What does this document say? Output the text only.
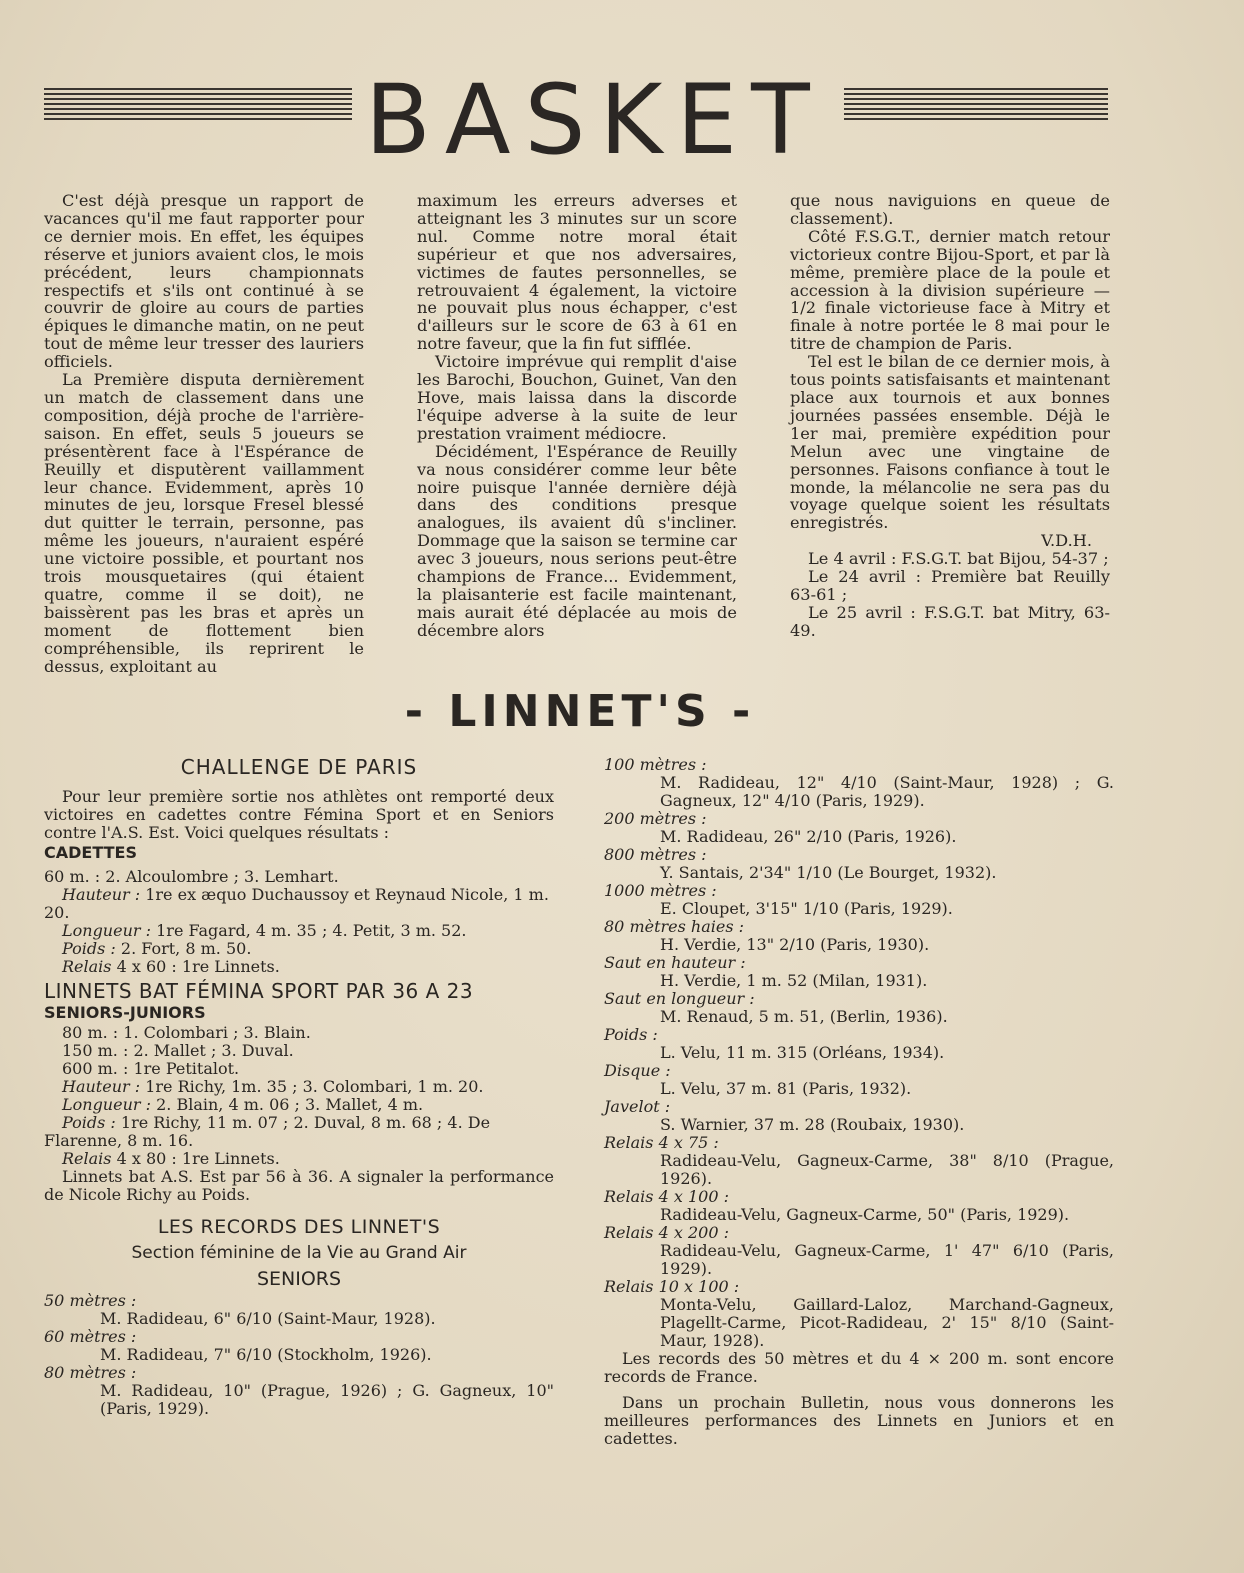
BASKET

C'est déjà presque un rapport de vacances qu'il me faut rapporter pour ce dernier mois. En effet, les équipes réserve et juniors avaient clos, le mois précédent, leurs championnats respectifs et s'ils ont continué à se couvrir de gloire au cours de parties épiques le dimanche matin, on ne peut tout de même leur tresser des lauriers officiels.

La Première disputa dernièrement un match de classement dans une composition, déjà proche de l'arrière-saison. En effet, seuls 5 joueurs se présentèrent face à l'Espérance de Reuilly et disputèrent vaillamment leur chance. Evidemment, après 10 minutes de jeu, lorsque Fresel blessé dut quitter le terrain, personne, pas même les joueurs, n'auraient espéré une victoire possible, et pourtant nos trois mousquetaires (qui étaient quatre, comme il se doit), ne baissèrent pas les bras et après un moment de flottement bien compréhensible, ils reprirent le dessus, exploitant au

maximum les erreurs adverses et atteignant les 3 minutes sur un score nul. Comme notre moral était supérieur et que nos adversaires, victimes de fautes personnelles, se retrouvaient 4 également, la victoire ne pouvait plus nous échapper, c'est d'ailleurs sur le score de 63 à 61 en notre faveur, que la fin fut sifflée.

Victoire imprévue qui remplit d'aise les Barochi, Bouchon, Guinet, Van den Hove, mais laissa dans la discorde l'équipe adverse à la suite de leur prestation vraiment médiocre.

Décidément, l'Espérance de Reuilly va nous considérer comme leur bête noire puisque l'année dernière déjà dans des conditions presque analogues, ils avaient dû s'incliner. Dommage que la saison se termine car avec 3 joueurs, nous serions peut-être champions de France... Evidemment, la plaisanterie est facile maintenant, mais aurait été déplacée au mois de décembre alors

que nous naviguions en queue de classement).

Côté F.S.G.T., dernier match retour victorieux contre Bijou-Sport, et par là même, première place de la poule et accession à la division supérieure — 1/2 finale victorieuse face à Mitry et finale à notre portée le 8 mai pour le titre de champion de Paris.

Tel est le bilan de ce dernier mois, à tous points satisfaisants et maintenant place aux tournois et aux bonnes journées passées ensemble. Déjà le 1er mai, première expédition pour Melun avec une vingtaine de personnes. Faisons confiance à tout le monde, la mélancolie ne sera pas du voyage quelque soient les résultats enregistrés.

V.D.H.

Le 4 avril : F.S.G.T. bat Bijou, 54-37 ;

Le 24 avril : Première bat Reuilly 63-61 ;

Le 25 avril : F.S.G.T. bat Mitry, 63-49.

- LINNET'S -

CHALLENGE DE PARIS

Pour leur première sortie nos athlètes ont remporté deux victoires en cadettes contre Fémina Sport et en Seniors contre l'A.S. Est. Voici quelques résultats :

CADETTES

60 m. : 2. Alcoulombre ; 3. Lemhart.

Hauteur : 1re ex æquo Duchaussoy et Reynaud Nicole, 1 m. 20.

Longueur : 1re Fagard, 4 m. 35 ; 4. Petit, 3 m. 52.

Poids : 2. Fort, 8 m. 50.

Relais 4 x 60 : 1re Linnets.

LINNETS BAT FÉMINA SPORT PAR 36 A 23

SENIORS-JUNIORS

80 m. : 1. Colombari ; 3. Blain.

150 m. : 2. Mallet ; 3. Duval.

600 m. : 1re Petitalot.

Hauteur : 1re Richy, 1m. 35 ; 3. Colombari, 1 m. 20.

Longueur : 2. Blain, 4 m. 06 ; 3. Mallet, 4 m.

Poids : 1re Richy, 11 m. 07 ; 2. Duval, 8 m. 68 ; 4. De Flarenne, 8 m. 16.

Relais 4 x 80 : 1re Linnets.

Linnets bat A.S. Est par 56 à 36. A signaler la performance de Nicole Richy au Poids.

LES RECORDS DES LINNET'S

Section féminine de la Vie au Grand Air

SENIORS

50 mètres :

M. Radideau, 6" 6/10 (Saint-Maur, 1928).

60 mètres :

M. Radideau, 7" 6/10 (Stockholm, 1926).

80 mètres :

M. Radideau, 10" (Prague, 1926) ; G. Gagneux, 10" (Paris, 1929).

100 mètres :

M. Radideau, 12" 4/10 (Saint-Maur, 1928) ; G. Gagneux, 12" 4/10 (Paris, 1929).

200 mètres :

M. Radideau, 26" 2/10 (Paris, 1926).

800 mètres :

Y. Santais, 2'34" 1/10 (Le Bourget, 1932).

1000 mètres :

E. Cloupet, 3'15" 1/10 (Paris, 1929).

80 mètres haies :

H. Verdie, 13" 2/10 (Paris, 1930).

Saut en hauteur :

H. Verdie, 1 m. 52 (Milan, 1931).

Saut en longueur :

M. Renaud, 5 m. 51, (Berlin, 1936).

Poids :

L. Velu, 11 m. 315 (Orléans, 1934).

Disque :

L. Velu, 37 m. 81 (Paris, 1932).

Javelot :

S. Warnier, 37 m. 28 (Roubaix, 1930).

Relais 4 x 75 :

Radideau-Velu, Gagneux-Carme, 38" 8/10 (Prague, 1926).

Relais 4 x 100 :

Radideau-Velu, Gagneux-Carme, 50" (Paris, 1929).

Relais 4 x 200 :

Radideau-Velu, Gagneux-Carme, 1' 47" 6/10 (Paris, 1929).

Relais 10 x 100 :

Monta-Velu, Gaillard-Laloz, Marchand-Gagneux, Plagellt-Carme, Picot-Radideau, 2' 15" 8/10 (Saint-Maur, 1928).

Les records des 50 mètres et du 4 × 200 m. sont encore records de France.

Dans un prochain Bulletin, nous vous donnerons les meilleures performances des Linnets en Juniors et en cadettes.
